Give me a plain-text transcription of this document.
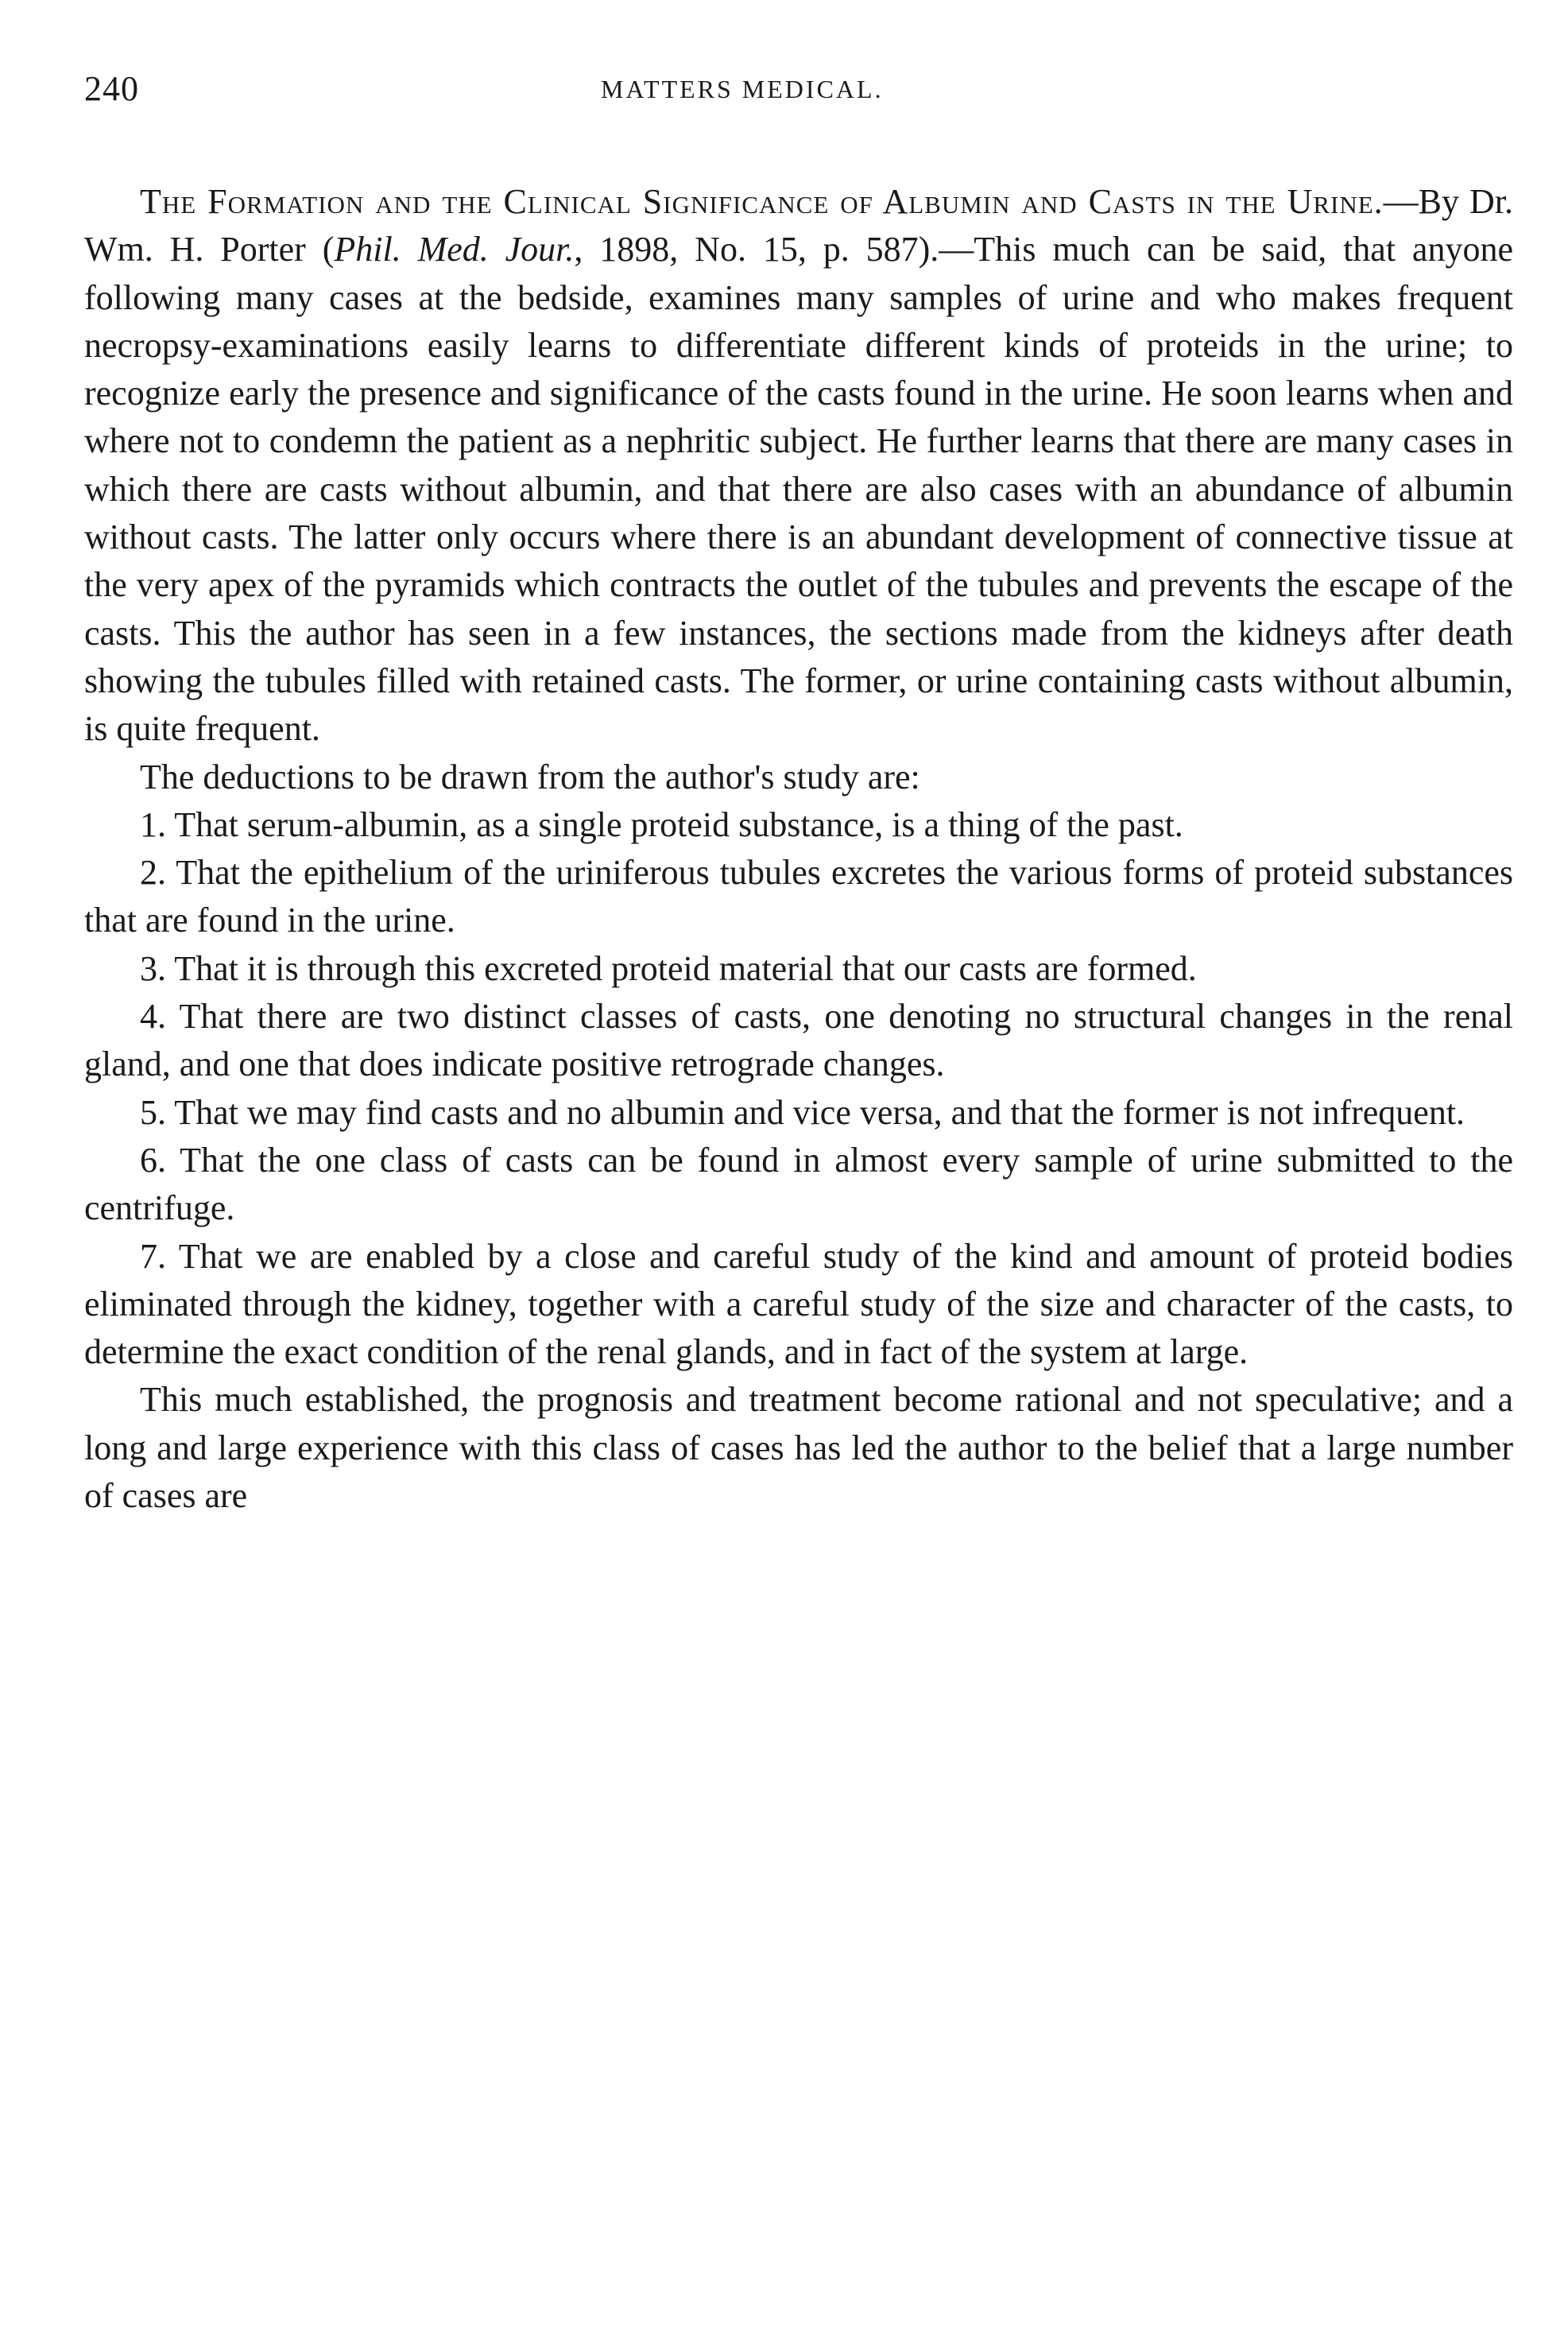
240	MATTERS MEDICAL.

The Formation and the Clinical Significance of Albumin and Casts in the Urine.—By Dr. Wm. H. Porter (Phil. Med. Jour., 1898, No. 15, p. 587).—This much can be said, that anyone following many cases at the bedside, examines many samples of urine and who makes frequent necropsy-examinations easily learns to differentiate different kinds of proteids in the urine; to recognize early the presence and significance of the casts found in the urine. He soon learns when and where not to condemn the patient as a nephritic subject. He further learns that there are many cases in which there are casts without albumin, and that there are also cases with an abundance of albumin without casts. The latter only occurs where there is an abundant development of connective tissue at the very apex of the pyramids which contracts the outlet of the tubules and prevents the escape of the casts. This the author has seen in a few instances, the sections made from the kidneys after death showing the tubules filled with retained casts. The former, or urine containing casts without albumin, is quite frequent.

The deductions to be drawn from the author's study are:

1. That serum-albumin, as a single proteid substance, is a thing of the past.

2. That the epithelium of the uriniferous tubules excretes the various forms of proteid substances that are found in the urine.

3. That it is through this excreted proteid material that our casts are formed.

4. That there are two distinct classes of casts, one denoting no structural changes in the renal gland, and one that does indicate positive retrograde changes.

5. That we may find casts and no albumin and vice versa, and that the former is not infrequent.

6. That the one class of casts can be found in almost every sample of urine submitted to the centrifuge.

7. That we are enabled by a close and careful study of the kind and amount of proteid bodies eliminated through the kidney, together with a careful study of the size and character of the casts, to determine the exact condition of the renal glands, and in fact of the system at large.

This much established, the prognosis and treatment become rational and not speculative; and a long and large experience with this class of cases has led the author to the belief that a large number of cases are
